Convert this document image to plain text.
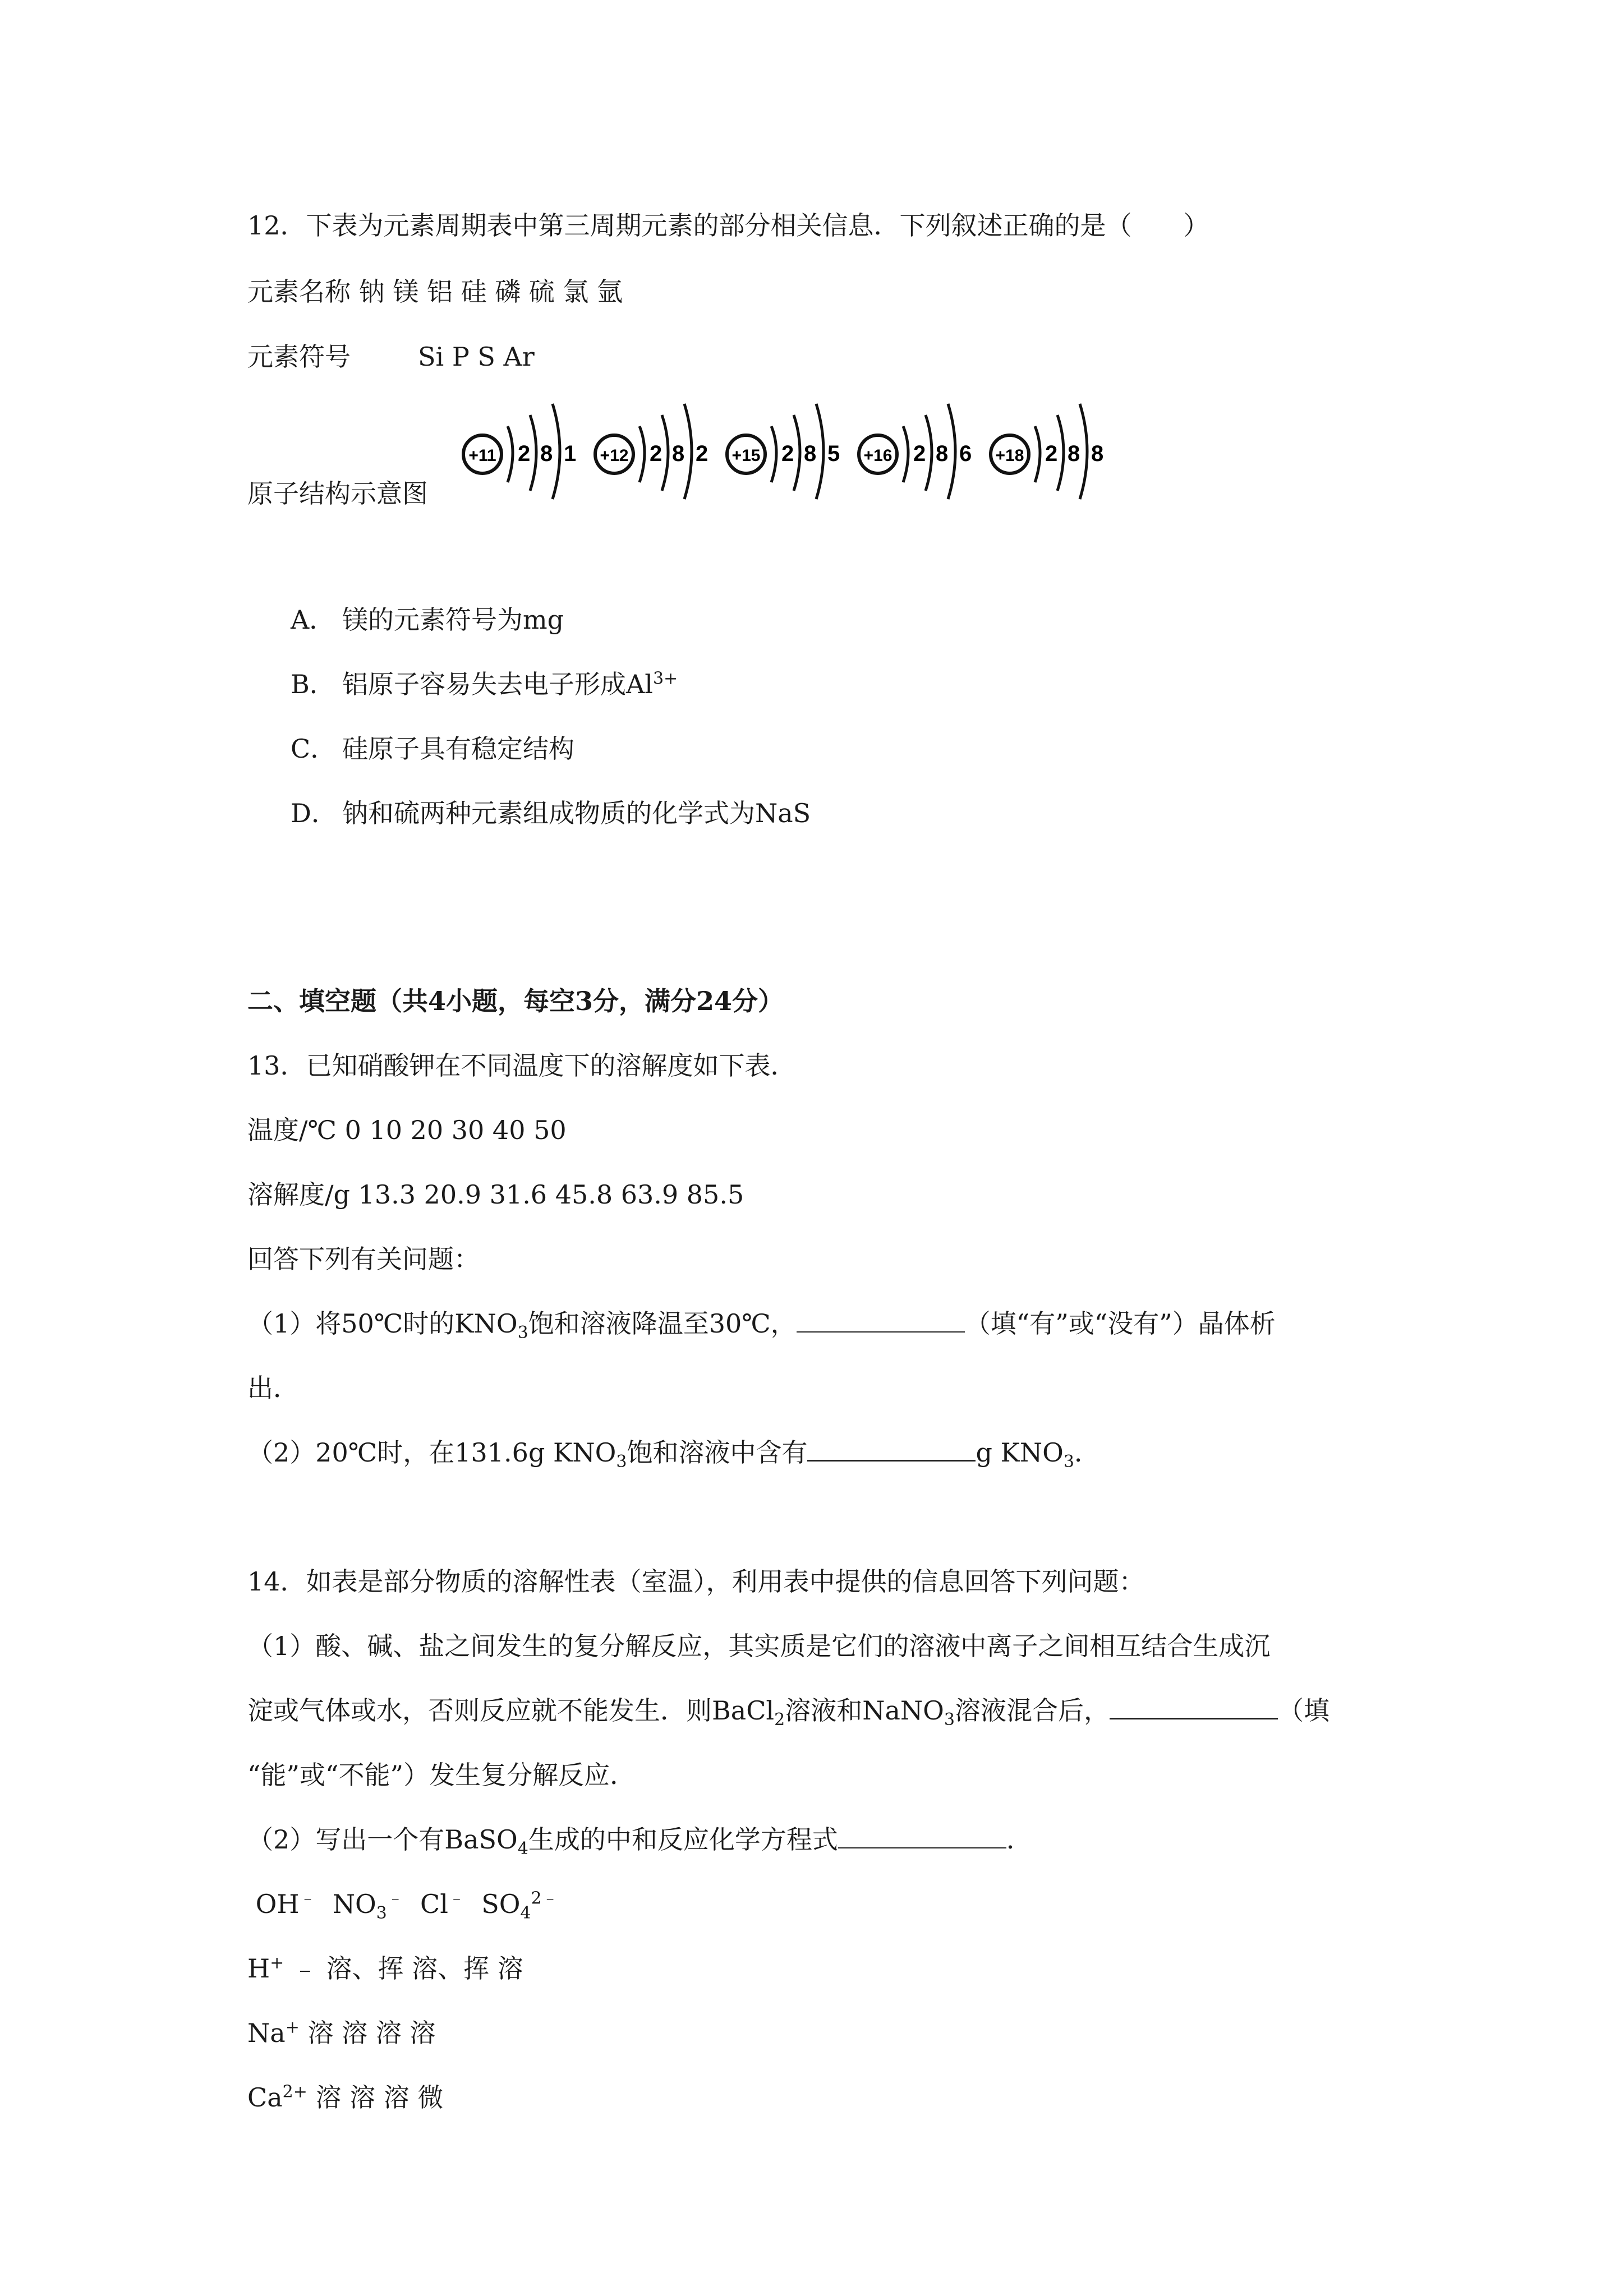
12．下表为元素周期表中第三周期元素的部分相关信息．下列叙述正确的是（　　）
元素名称 钠 镁 铝 硅 磷 硫 氯 氩
元素符号	Si P S Ar
原子结构示意图
+11 2 8 1 +12 2 8 2 +15 2 8 5 +16 2 8 6 +18 2 8 8
A． 镁的元素符号为mg
B． 铝原子容易失去电子形成$Al^{3+}$
C． 硅原子具有稳定结构
D． 钠和硫两种元素组成物质的化学式为NaS
二、填空题（共4小题，每空3分，满分24分）
13．已知硝酸钾在不同温度下的溶解度如下表．
温度/℃ 0 10 20 30 40 50
溶解度/g 13.3 20.9 31.6 45.8 63.9 85.5
回答下列有关问题：
（1）将50℃时的$KNO_3$饱和溶液降温至30℃，	（填“有”或“没有”）晶体析
出．
（2）20℃时，在131.6g $KNO_3$饱和溶液中含有	g $KNO_3$．
14．如表是部分物质的溶解性表（室温），利用表中提供的信息回答下列问题：
（1）酸、碱、盐之间发生的复分解反应，其实质是它们的溶液中离子之间相互结合生成沉
淀或气体或水，否则反应就不能发生．则BaCl$_2$溶液和NaNO$_3$溶液混合后，	（填
“能”或“不能”）发生复分解反应．
（2）写出一个有BaSO$_4$生成的中和反应化学方程式	．
OH﹣ $NO_3^﹣$ Cl﹣ $SO_4^{2﹣}$
H+ ﹣ 溶、挥 溶、挥 溶
Na+ 溶 溶 溶 溶
$Ca^{2+}$ 溶 溶 溶 微
